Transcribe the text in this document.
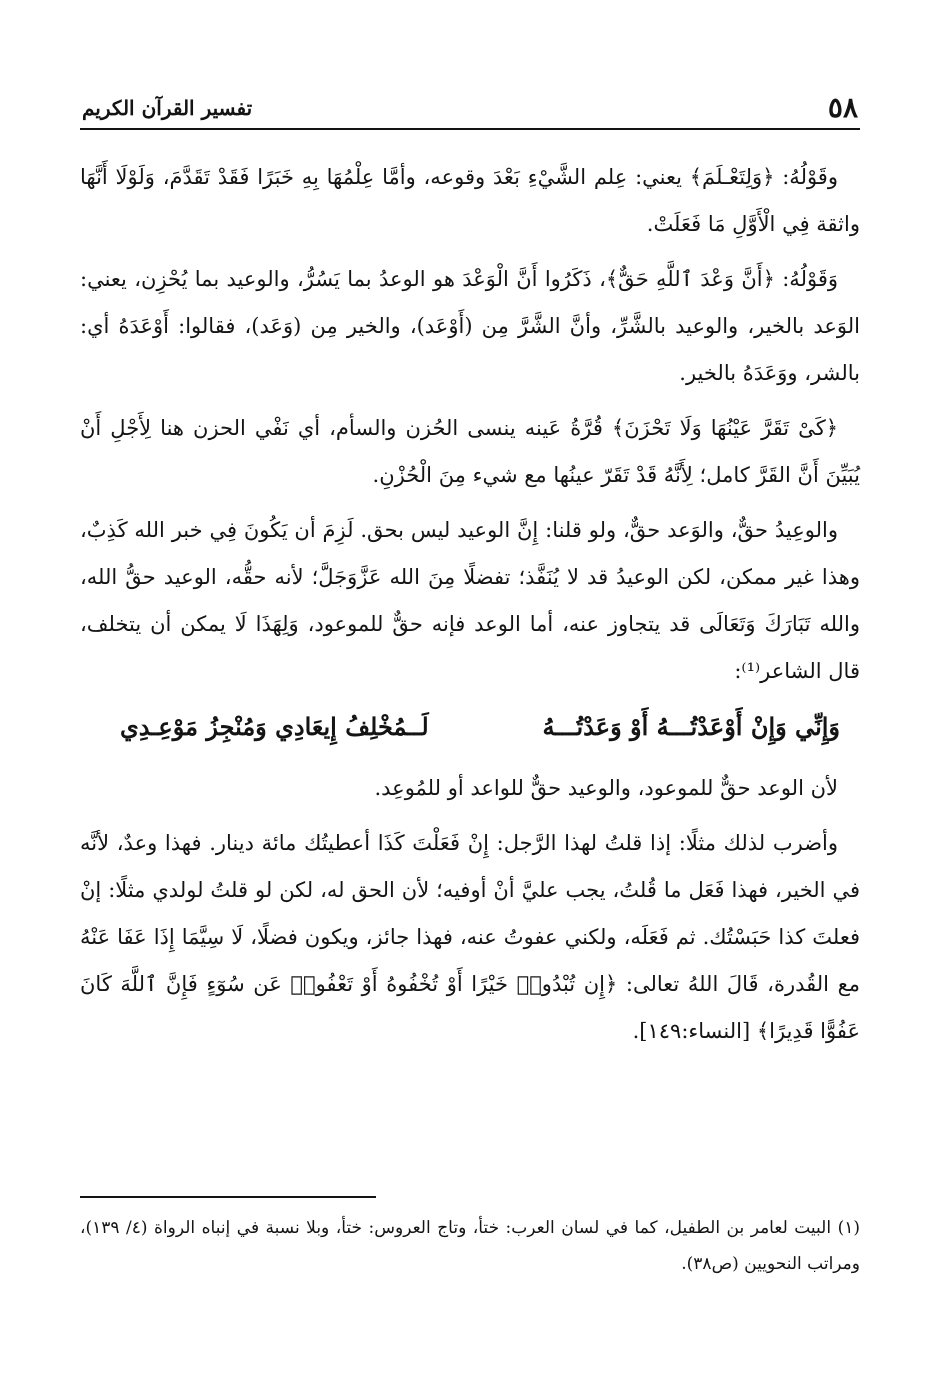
٥٨
تفسير القرآن الكريم

وقَوْلُهُ: ﴿وَلِتَعْـلَمَ﴾ يعني: عِلم الشَّيْءِ بَعْدَ وقوعه، وأمَّا عِلْمُهَا بِهِ خَبَرًا فَقَدْ تَقَدَّمَ، وَلَوْلَا أَنَّهَا واثقة فِي الْأَوَّلِ مَا فَعَلَتْ.

وَقَوْلُهُ: ﴿أَنَّ وَعْدَ ٱللَّهِ حَقٌّ﴾، ذَكَرُوا أَنَّ الْوَعْدَ هو الوعدُ بما يَسُرُّ، والوعيد بما يُحْزِن، يعني: الوَعد بالخير، والوعيد بالشَّرِّ، وأنَّ الشَّرَّ مِن (أَوْعَد)، والخير مِن (وَعَد)، فقالوا: أَوْعَدَهُ أي: بالشر، ووَعَدَهُ بالخير.

﴿كَىْ تَقَرَّ عَيْنُهَا وَلَا تَحْزَنَ﴾ قُرَّةُ عَينه ينسى الحُزن والسأم، أي نَفْي الحزن هنا لِأَجْلِ أَنْ يُبَيِّنَ أَنَّ القَرَّ كامل؛ لِأَنَّهُ قَدْ تَقَرّ عينُها مع شيء مِنَ الْحُزْنِ.

والوعِيدُ حقٌّ، والوَعد حقٌّ، ولو قلنا: إِنَّ الوعيد ليس بحق. لَزِمَ أن يَكُونَ فِي خبر الله كَذِبٌ، وهذا غير ممكن، لكن الوعيدُ قد لا يُنَفَّذ؛ تفضلًا مِنَ الله عَزَّوَجَلَّ؛ لأنه حقُّه، الوعيد حقُّ الله، والله تَبَارَكَ وَتَعَالَى قد يتجاوز عنه، أما الوعد فإنه حقٌّ للموعود، وَلِهَذَا لَا يمكن أن يتخلف، قال الشاعر⁽¹⁾:

وَإِنِّي وَإِنْ أَوْعَدْتُـــهُ أَوْ وَعَدْتُـــهُ
لَــمُخْلِفُ إِيعَادِي وَمُنْجِزُ مَوْعِـدِي

لأن الوعد حقٌّ للموعود، والوعيد حقٌّ للواعد أو للمُوعِد.

وأضرب لذلك مثلًا: إذا قلتُ لهذا الرَّجل: إِنْ فَعَلْتَ كَذَا أعطيتُك مائة دينار. فهذا وعدٌ، لأنَّه في الخير، فهذا فَعَل ما قُلتُ، يجب عليَّ أنْ أوفيه؛ لأن الحق له، لكن لو قلتُ لولدي مثلًا: إنْ فعلتَ كذا حَبَسْتُك. ثم فَعَلَه، ولكني عفوتُ عنه، فهذا جائز، ويكون فضلًا، لَا سِيَّمَا إِذَا عَفَا عَنْهُ مع القُدرة، قَالَ اللهُ تعالى: ﴿إِن تُبْدُوا۟ خَيْرًا أَوْ تُخْفُوهُ أَوْ تَعْفُوا۟ عَن سُوٓءٍ فَإِنَّ ٱللَّهَ كَانَ عَفُوًّا قَدِيرًا﴾ [النساء:١٤٩].

(١) البيت لعامر بن الطفيل، كما في لسان العرب: ختأ، وتاج العروس: ختأ، وبلا نسبة في إنباه الرواة (٤/ ١٣٩)، ومراتب النحويين (ص٣٨).
